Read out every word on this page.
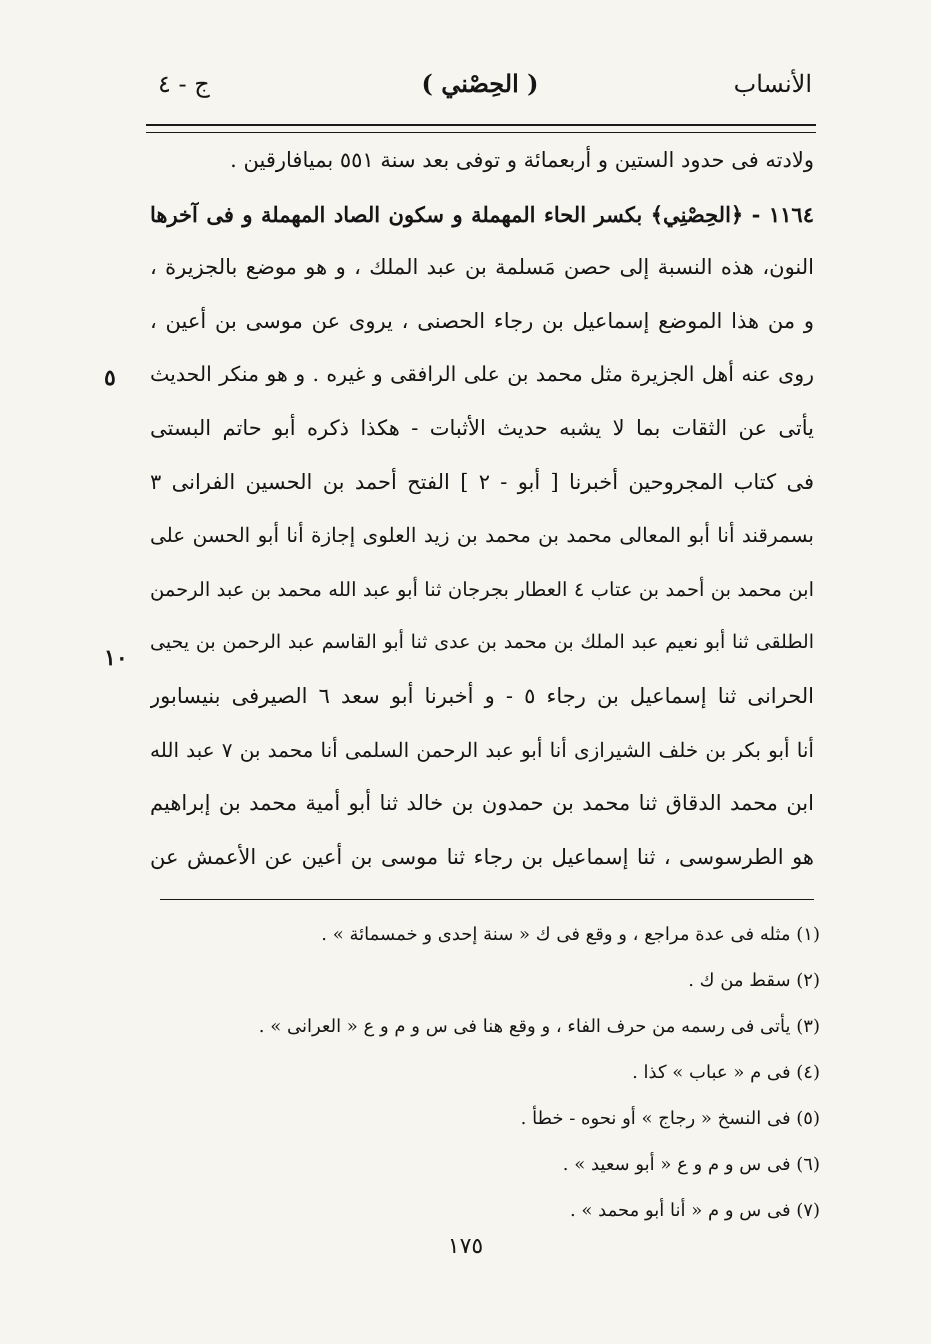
الأنساب
( الحِصْني )
ج - ٤
ولادته فى حدود الستين و أربعمائة و توفى بعد سنة ٥٥١ بميافارقين .
١١٦٤ - ﴿الحِصْنِي﴾ بكسر الحاء المهملة و سكون الصاد المهملة و فى آخرها
النون، هذه النسبة إلى حصن مَسلمة بن عبد الملك ، و هو موضع بالجزيرة ،
و من هذا الموضع إسماعيل بن رجاء الحصنى ، يروى عن موسى بن أعين ،
روى عنه أهل الجزيرة مثل محمد بن على الرافقى و غيره . و هو منكر الحديث
يأتى عن الثقات بما لا يشبه حديث الأثبات - هكذا ذكره أبو حاتم البستى
فى كتاب المجروحين أخبرنا [ أبو - ٢ ] الفتح أحمد بن الحسين الفرانى ٣
بسمرقند أنا أبو المعالى محمد بن محمد بن زيد العلوى إجازة أنا أبو الحسن على
ابن محمد بن أحمد بن عتاب ٤ العطار بجرجان ثنا أبو عبد الله محمد بن عبد الرحمن
الطلقى ثنا أبو نعيم عبد الملك بن محمد بن عدى ثنا أبو القاسم عبد الرحمن بن يحيى
الحرانى ثنا إسماعيل بن رجاء ٥ - و أخبرنا أبو سعد ٦ الصيرفى بنيسابور
أنا أبو بكر بن خلف الشيرازى أنا أبو عبد الرحمن السلمى أنا محمد بن ٧ عبد الله
ابن محمد الدقاق ثنا محمد بن حمدون بن خالد ثنا أبو أمية محمد بن إبراهيم
هو الطرسوسى ، ثنا إسماعيل بن رجاء ثنا موسى بن أعين عن الأعمش عن
٥
١٠
(١) مثله فى عدة مراجع ، و وقع فى ك « سنة إحدى و خمسمائة » .
(٢) سقط من ك .
(٣) يأتى فى رسمه من حرف الفاء ، و وقع هنا فى س و م و ع « العرانى » .
(٤) فى م « عباب » كذا .
(٥) فى النسخ « رجاج » أو نحوه - خطأ .
(٦) فى س و م و ع « أبو سعيد » .
(٧) فى س و م « أنا أبو محمد » .
١٧٥
